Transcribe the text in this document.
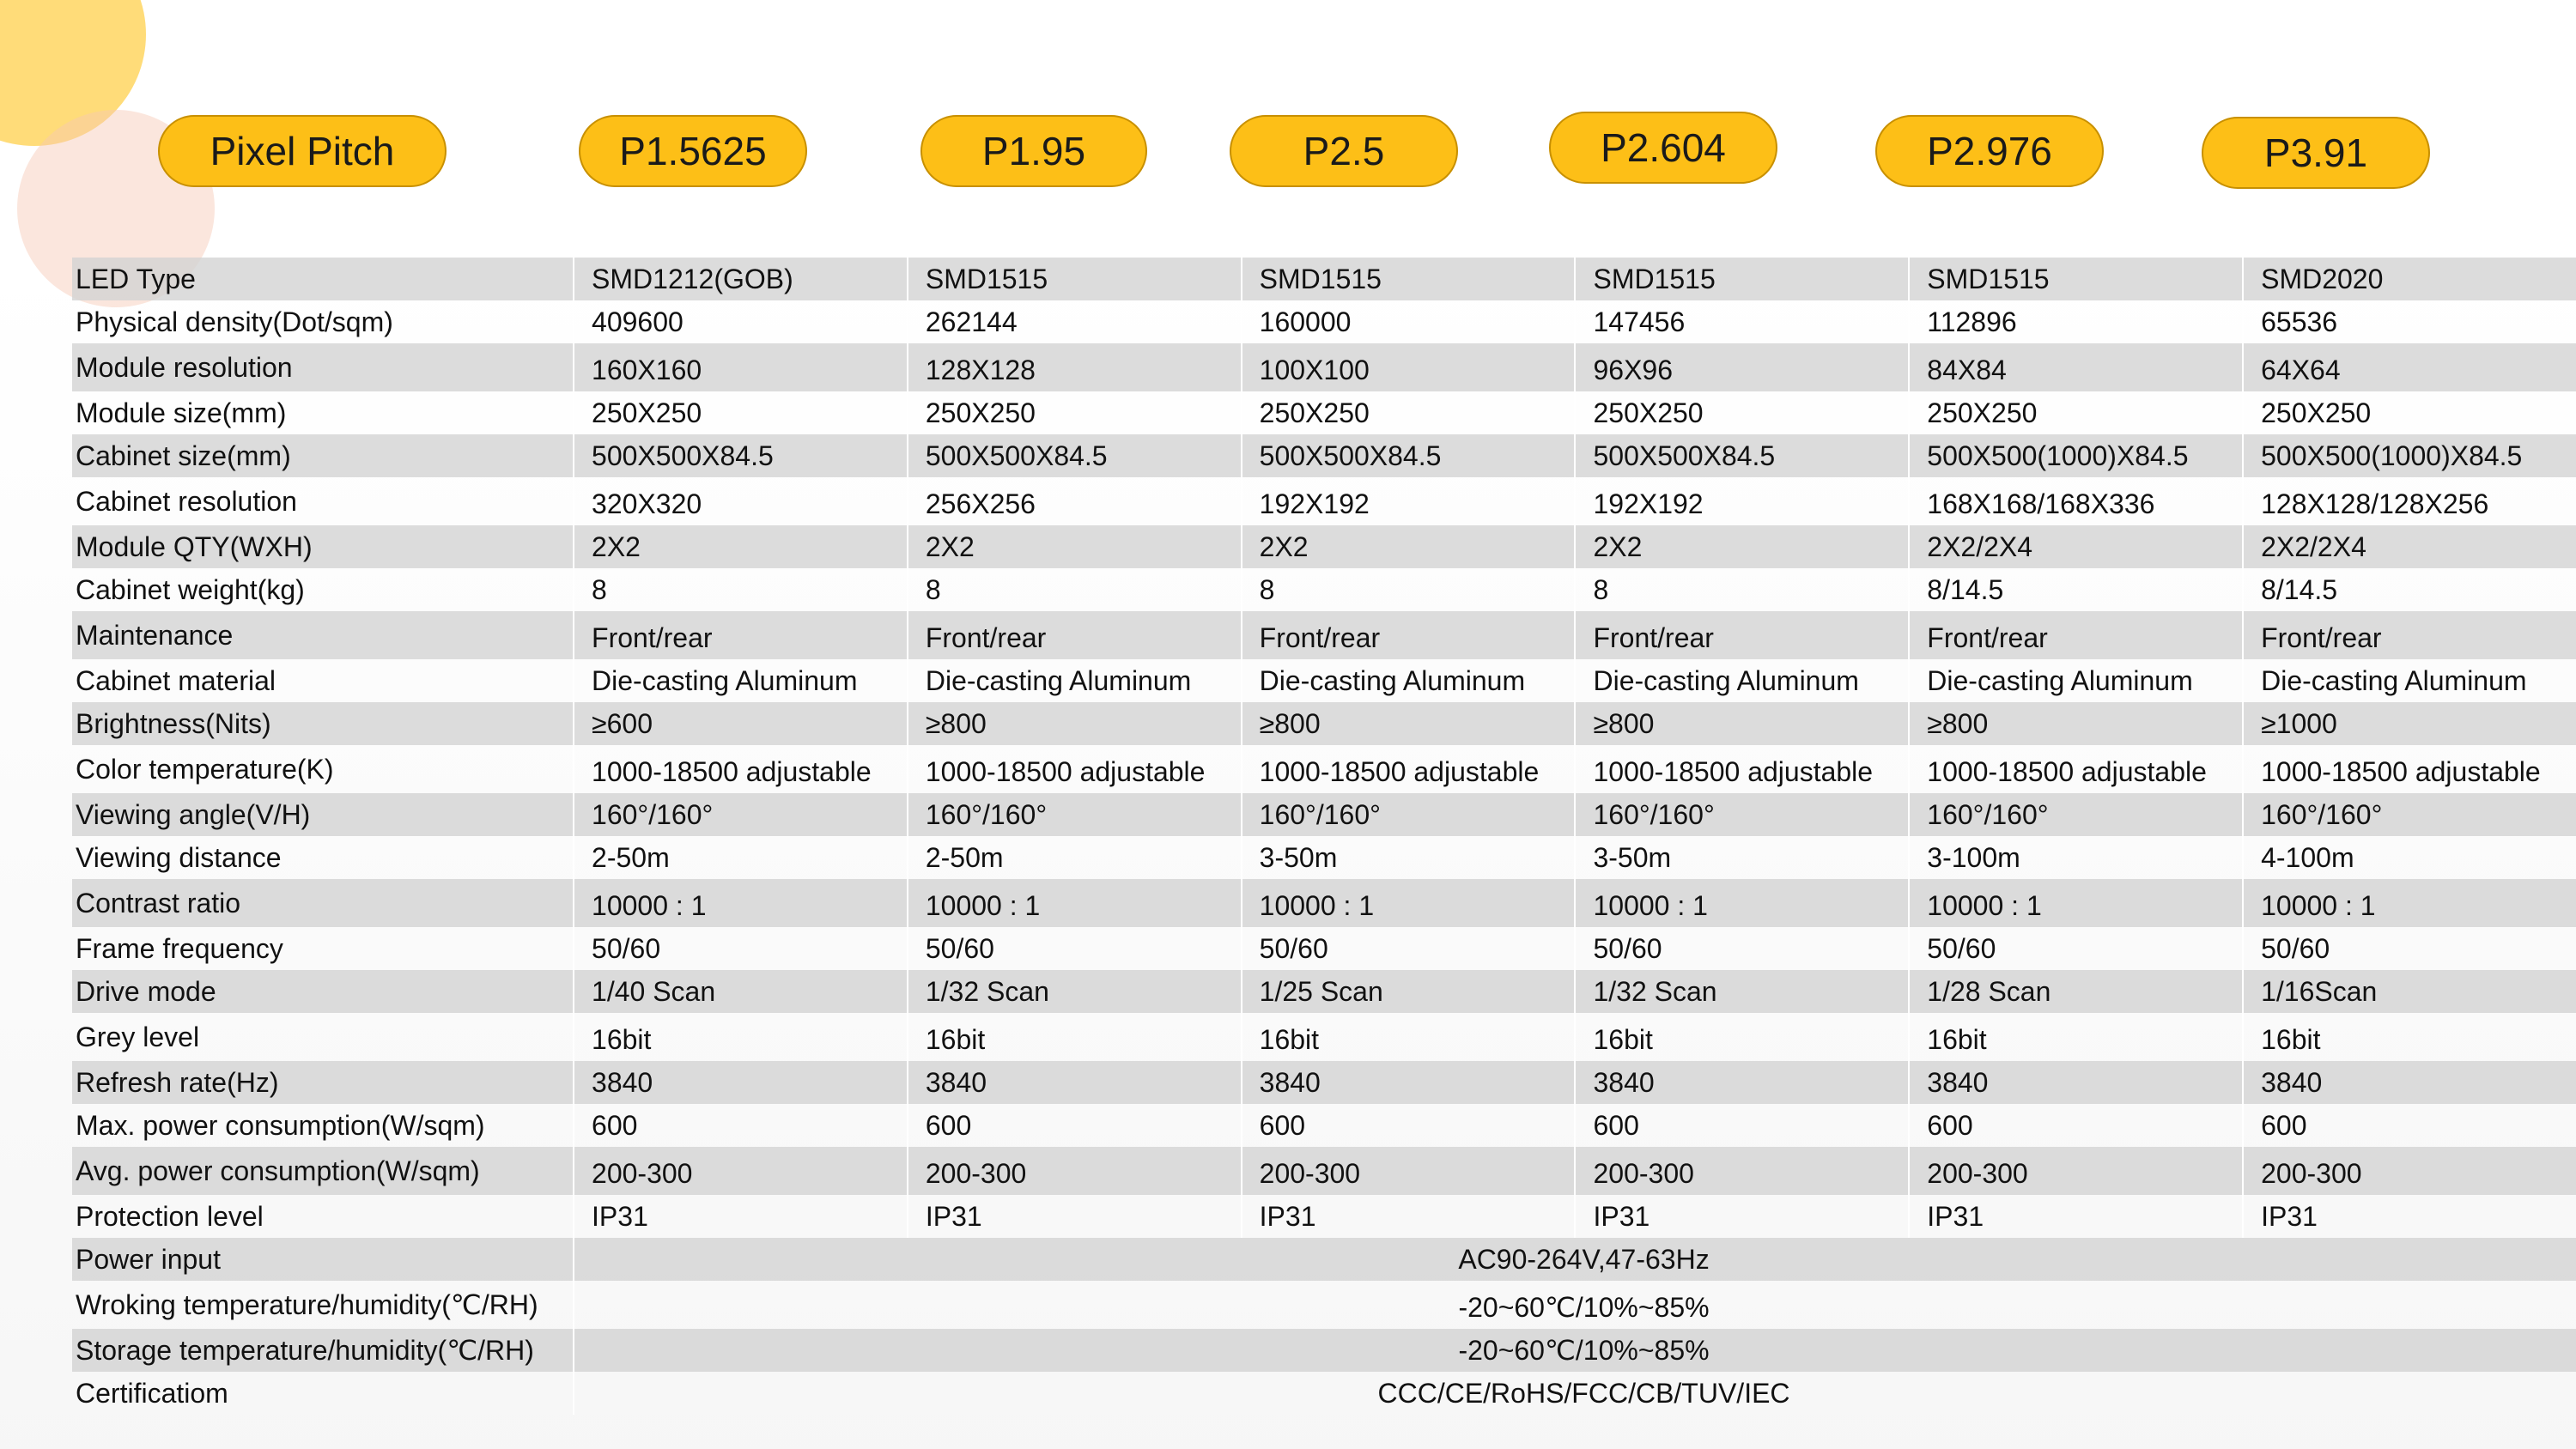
Pixel Pitch	P1.5625	P1.95	P2.5	P2.604	P2.976	P3.91
LED Type	SMD1212(GOB)	SMD1515	SMD1515	SMD1515	SMD1515	SMD2020
Physical density(Dot/sqm)	409600	262144	160000	147456	112896	65536
Module resolution	160X160	128X128	100X100	96X96	84X84	64X64
Module size(mm)	250X250	250X250	250X250	250X250	250X250	250X250
Cabinet size(mm)	500X500X84.5	500X500X84.5	500X500X84.5	500X500X84.5	500X500(1000)X84.5	500X500(1000)X84.5
Cabinet resolution	320X320	256X256	192X192	192X192	168X168/168X336	128X128/128X256
Module QTY(WXH)	2X2	2X2	2X2	2X2	2X2/2X4	2X2/2X4
Cabinet weight(kg)	8	8	8	8	8/14.5	8/14.5
Maintenance	Front/rear	Front/rear	Front/rear	Front/rear	Front/rear	Front/rear
Cabinet material	Die-casting Aluminum	Die-casting Aluminum	Die-casting Aluminum	Die-casting Aluminum	Die-casting Aluminum	Die-casting Aluminum
Brightness(Nits)	≥600	≥800	≥800	≥800	≥800	≥1000
Color temperature(K)	1000-18500 adjustable	1000-18500 adjustable	1000-18500 adjustable	1000-18500 adjustable	1000-18500 adjustable	1000-18500 adjustable
Viewing angle(V/H)	160°/160°	160°/160°	160°/160°	160°/160°	160°/160°	160°/160°
Viewing distance	2-50m	2-50m	3-50m	3-50m	3-100m	4-100m
Contrast ratio	10000 : 1	10000 : 1	10000 : 1	10000 : 1	10000 : 1	10000 : 1
Frame frequency	50/60	50/60	50/60	50/60	50/60	50/60
Drive mode	1/40 Scan	1/32 Scan	1/25 Scan	1/32 Scan	1/28 Scan	1/16Scan
Grey level	16bit	16bit	16bit	16bit	16bit	16bit
Refresh rate(Hz)	3840	3840	3840	3840	3840	3840
Max. power consumption(W/sqm)	600	600	600	600	600	600
Avg. power consumption(W/sqm)	200-300	200-300	200-300	200-300	200-300	200-300
Protection level	IP31	IP31	IP31	IP31	IP31	IP31
Power input	AC90-264V,47-63Hz					
Wroking temperature/humidity(℃/RH)	-20~60℃/10%~85%					
Storage temperature/humidity(℃/RH)	-20~60℃/10%~85%					
Certificatiom	CCC/CE/RoHS/FCC/CB/TUV/IEC					
